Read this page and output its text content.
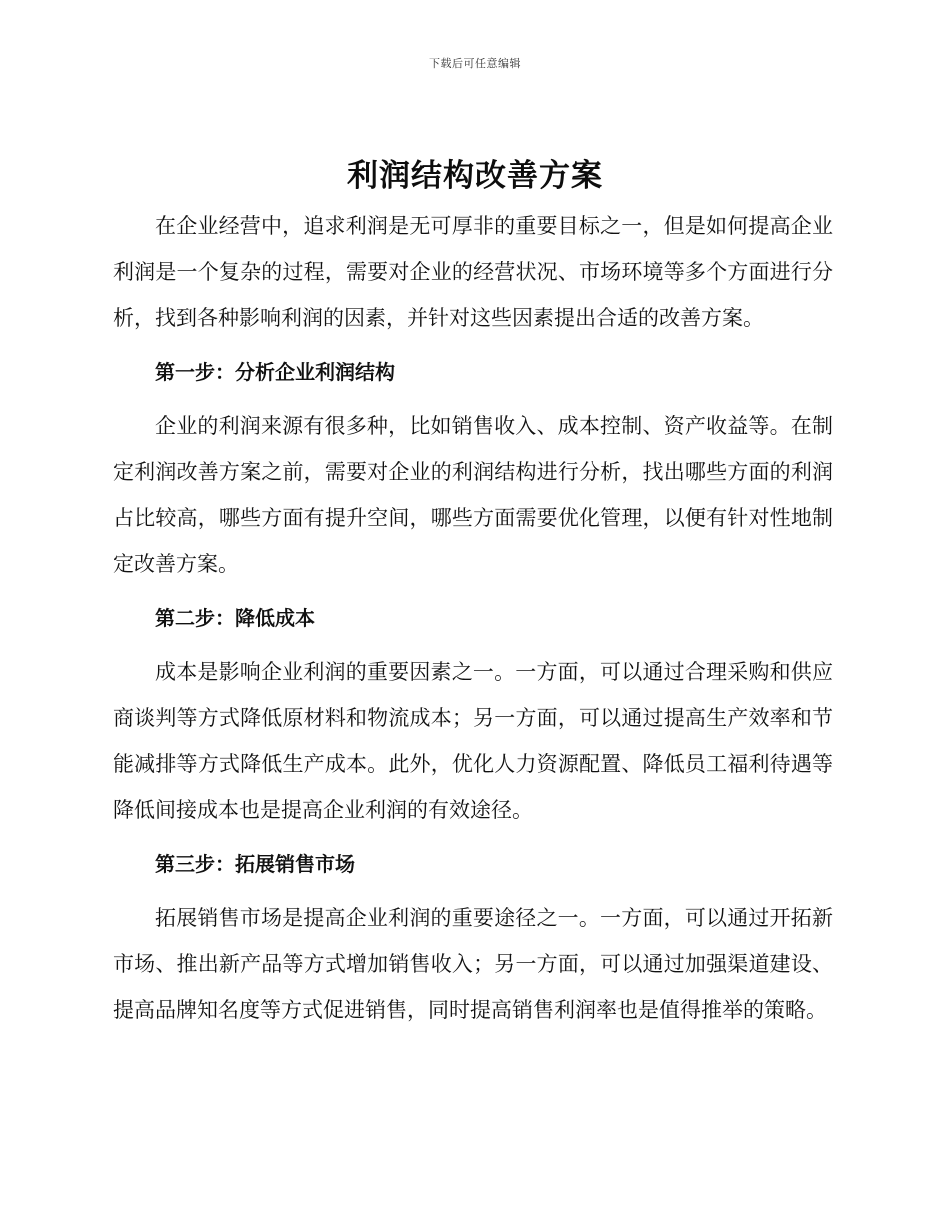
下载后可任意编辑
利润结构改善方案

在企业经营中，追求利润是无可厚非的重要目标之一，但是如何提高企业利润是一个复杂的过程，需要对企业的经营状况、市场环境等多个方面进行分析，找到各种影响利润的因素，并针对这些因素提出合适的改善方案。

第一步：分析企业利润结构

企业的利润来源有很多种，比如销售收入、成本控制、资产收益等。在制定利润改善方案之前，需要对企业的利润结构进行分析，找出哪些方面的利润占比较高，哪些方面有提升空间，哪些方面需要优化管理，以便有针对性地制定改善方案。

第二步：降低成本

成本是影响企业利润的重要因素之一。一方面，可以通过合理采购和供应商谈判等方式降低原材料和物流成本；另一方面，可以通过提高生产效率和节能减排等方式降低生产成本。此外，优化人力资源配置、降低员工福利待遇等降低间接成本也是提高企业利润的有效途径。

第三步：拓展销售市场

拓展销售市场是提高企业利润的重要途径之一。一方面，可以通过开拓新市场、推出新产品等方式增加销售收入；另一方面，可以通过加强渠道建设、提高品牌知名度等方式促进销售，同时提高销售利润率也是值得推举的策略。
